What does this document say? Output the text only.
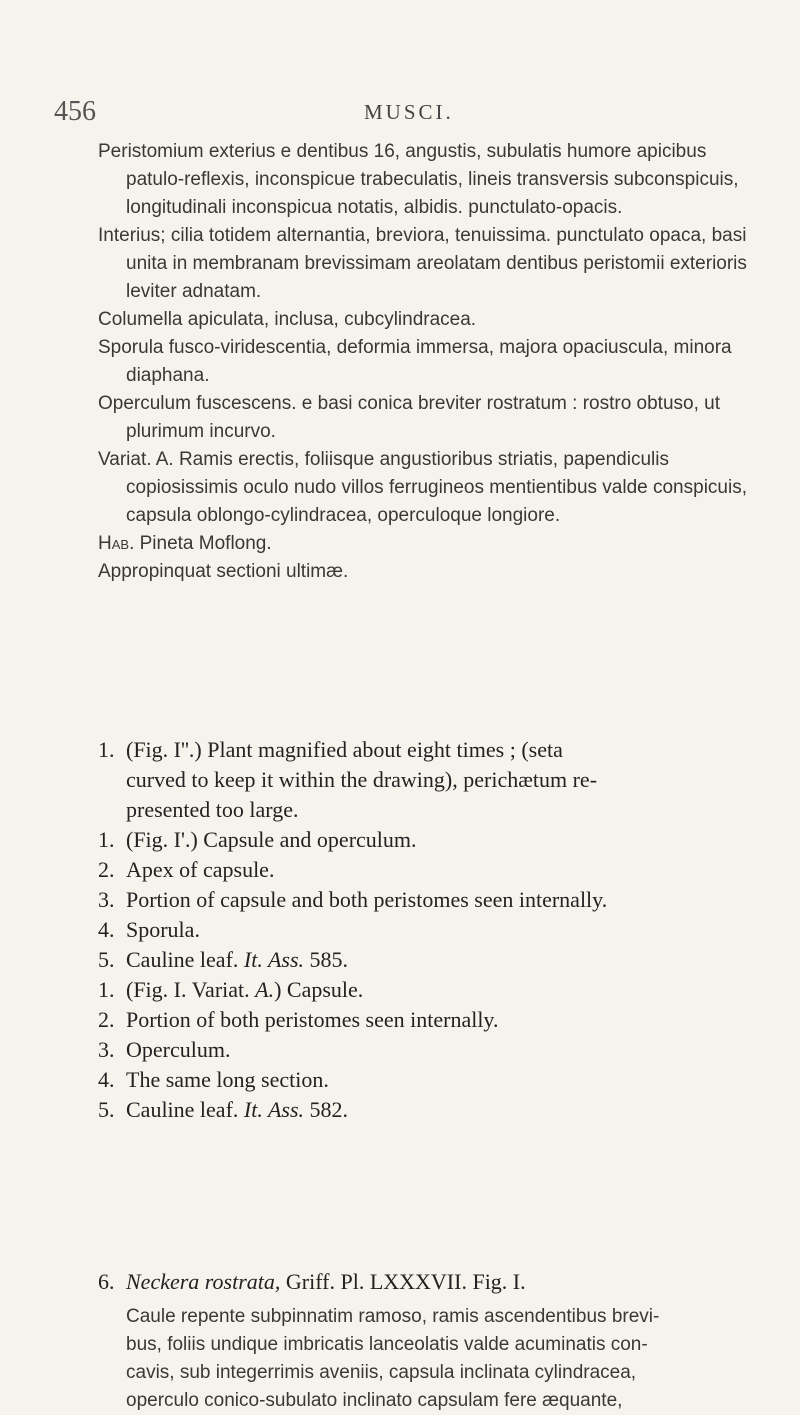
456	MUSCI.

Peristomium exterius e dentibus 16, angustis, subulatis humore apicibus patulo-reflexis, inconspicue trabeculatis, lineis transversis subconspicuis, longitudinali inconspicua notatis, albidis. punctulato-opacis.

Interius; cilia totidem alternantia, breviora, tenuissima. punctulato opaca, basi unita in membranam brevissimam areolatam dentibus peristomii exterioris leviter adnatam.

Columella apiculata, inclusa, cubcylindracea.

Sporula fusco-viridescentia, deformia immersa, majora opaciuscula, minora diaphana.

Operculum fuscescens. e basi conica breviter rostratum : rostro obtuso, ut plurimum incurvo.

Variat. A. Ramis erectis, foliisque angustioribus striatis, papendiculis copiosissimis oculo nudo villos ferrugineos mentientibus valde conspicuis, capsula oblongo-cylindracea, operculoque longiore.

Hab. Pineta Moflong.

Appropinquat sectioni ultimæ.

1. (Fig. I''.) Plant magnified about eight times ; (seta

curved to keep it within the drawing), perichætum re-

presented too large.

1. (Fig. I'.) Capsule and operculum.
2. Apex of capsule.
3. Portion of capsule and both peristomes seen internally.
4. Sporula.
5. Cauline leaf. It. Ass. 585.
1. (Fig. I. Variat. A.) Capsule.
2. Portion of both peristomes seen internally.
3. Operculum.
4. The same long section.
5. Cauline leaf. It. Ass. 582.
6. Neckera rostrata, Griff. Pl. LXXXVII. Fig. I.

Caule repente subpinnatim ramoso, ramis ascendentibus brevi-

bus, foliis undique imbricatis lanceolatis valde acuminatis con-

cavis, sub integerrimis aveniis, capsula inclinata cylindracea,

operculo conico-subulato inclinato capsulam fere æquante,
